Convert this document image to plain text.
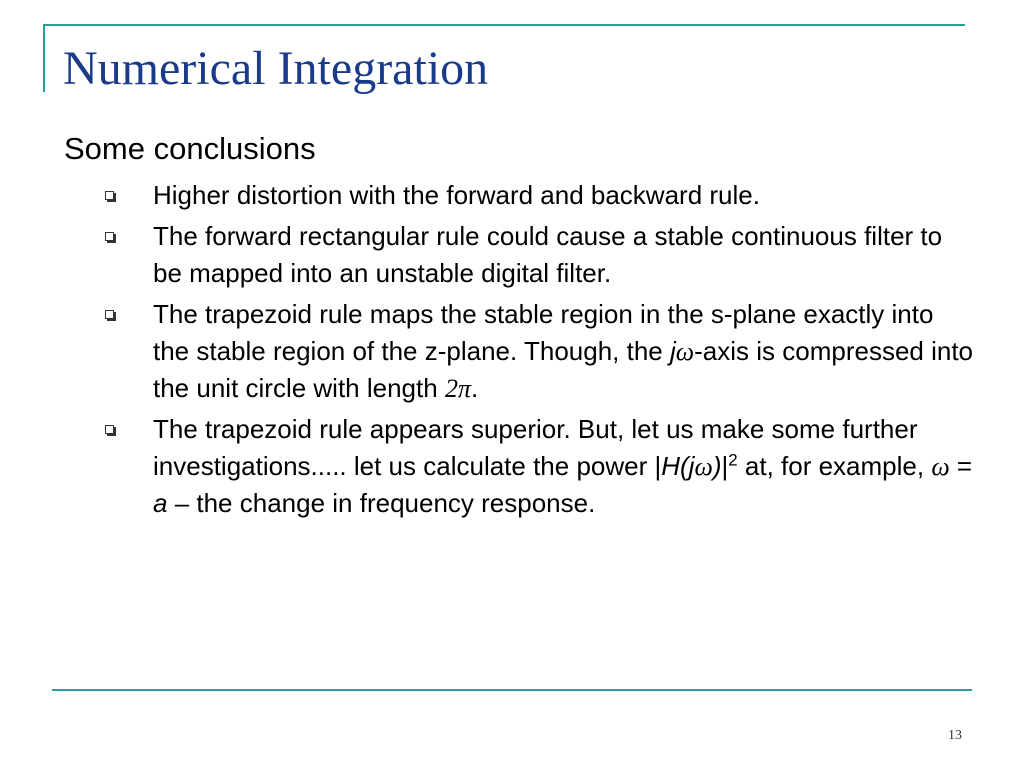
Numerical Integration

Some conclusions

Higher distortion with the forward and backward rule.
The forward rectangular rule could cause a stable continuous filter to be mapped into an unstable digital filter.
The trapezoid rule maps the stable region in the s-plane exactly into the stable region of the z-plane. Though, the jω-axis is compressed into the unit circle with length 2π.
The trapezoid rule appears superior. But, let us make some further investigations..... let us calculate the power $|H(j\omega)|^2$ at, for example, ω = a – the change in frequency response.
13
